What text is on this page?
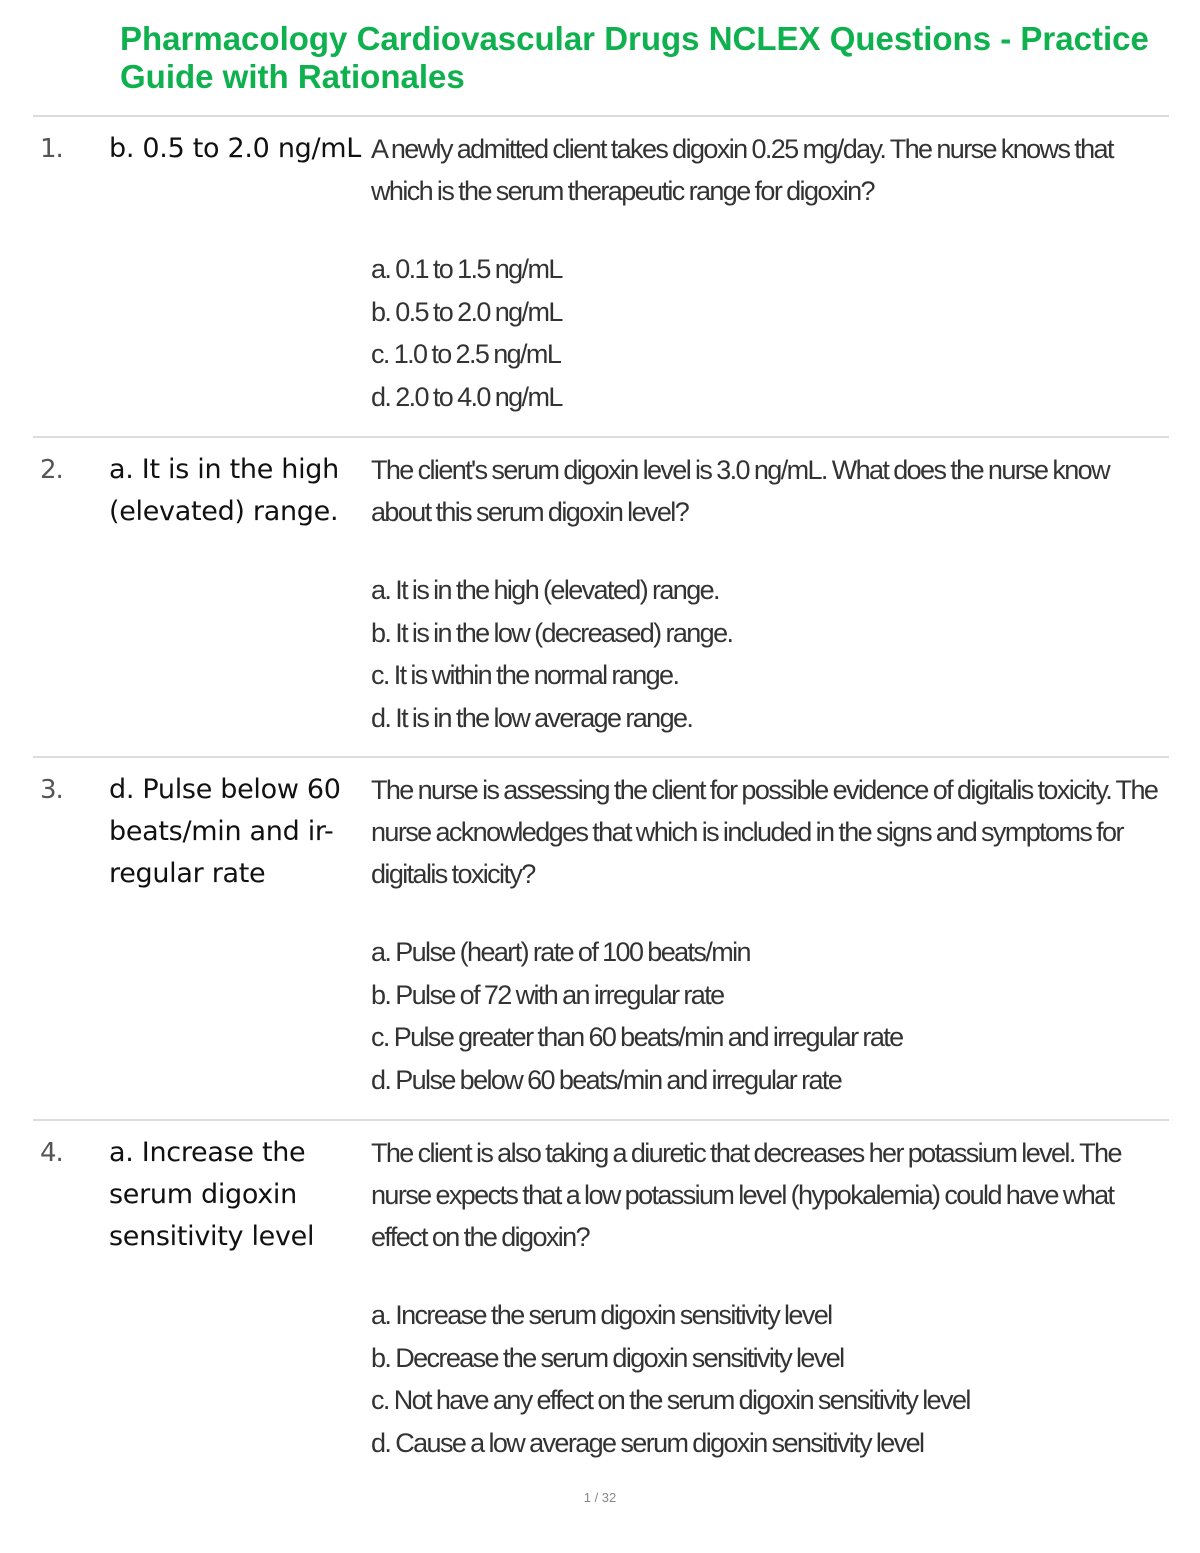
Pharmacology Cardiovascular Drugs NCLEX Questions - Practice Guide with Rationales
1. b. 0.5 to 2.0 ng/mL A newly admitted client takes digoxin 0.25 mg/day. The nurse knows that which is the serum therapeutic range for digoxin?
a. 0.1 to 1.5 ng/mL
b. 0.5 to 2.0 ng/mL
c. 1.0 to 2.5 ng/mL
d. 2.0 to 4.0 ng/mL
2. a. It is in the high (elevated) range.
The client's serum digoxin level is 3.0 ng/mL. What does the nurse know about this serum digoxin level?
a. It is in the high (elevated) range.
b. It is in the low (decreased) range.
c. It is within the normal range.
d. It is in the low average range.
3. d. Pulse below 60 beats/min and ir- regular rate
The nurse is assessing the client for possible evidence of digitalis toxicity. The nurse acknowledges that which is included in the signs and symptoms for digitalis toxicity?
a. Pulse (heart) rate of 100 beats/min
b. Pulse of 72 with an irregular rate
c. Pulse greater than 60 beats/min and irregular rate
d. Pulse below 60 beats/min and irregular rate
4. a. Increase the serum digoxin sensitivity level
The client is also taking a diuretic that decreases her potassium level. The nurse expects that a low potassium level (hypokalemia) could have what effect on the digoxin?
a. Increase the serum digoxin sensitivity level
b. Decrease the serum digoxin sensitivity level
c. Not have any effect on the serum digoxin sensitivity level
d. Cause a low average serum digoxin sensitivity level
1 / 32
